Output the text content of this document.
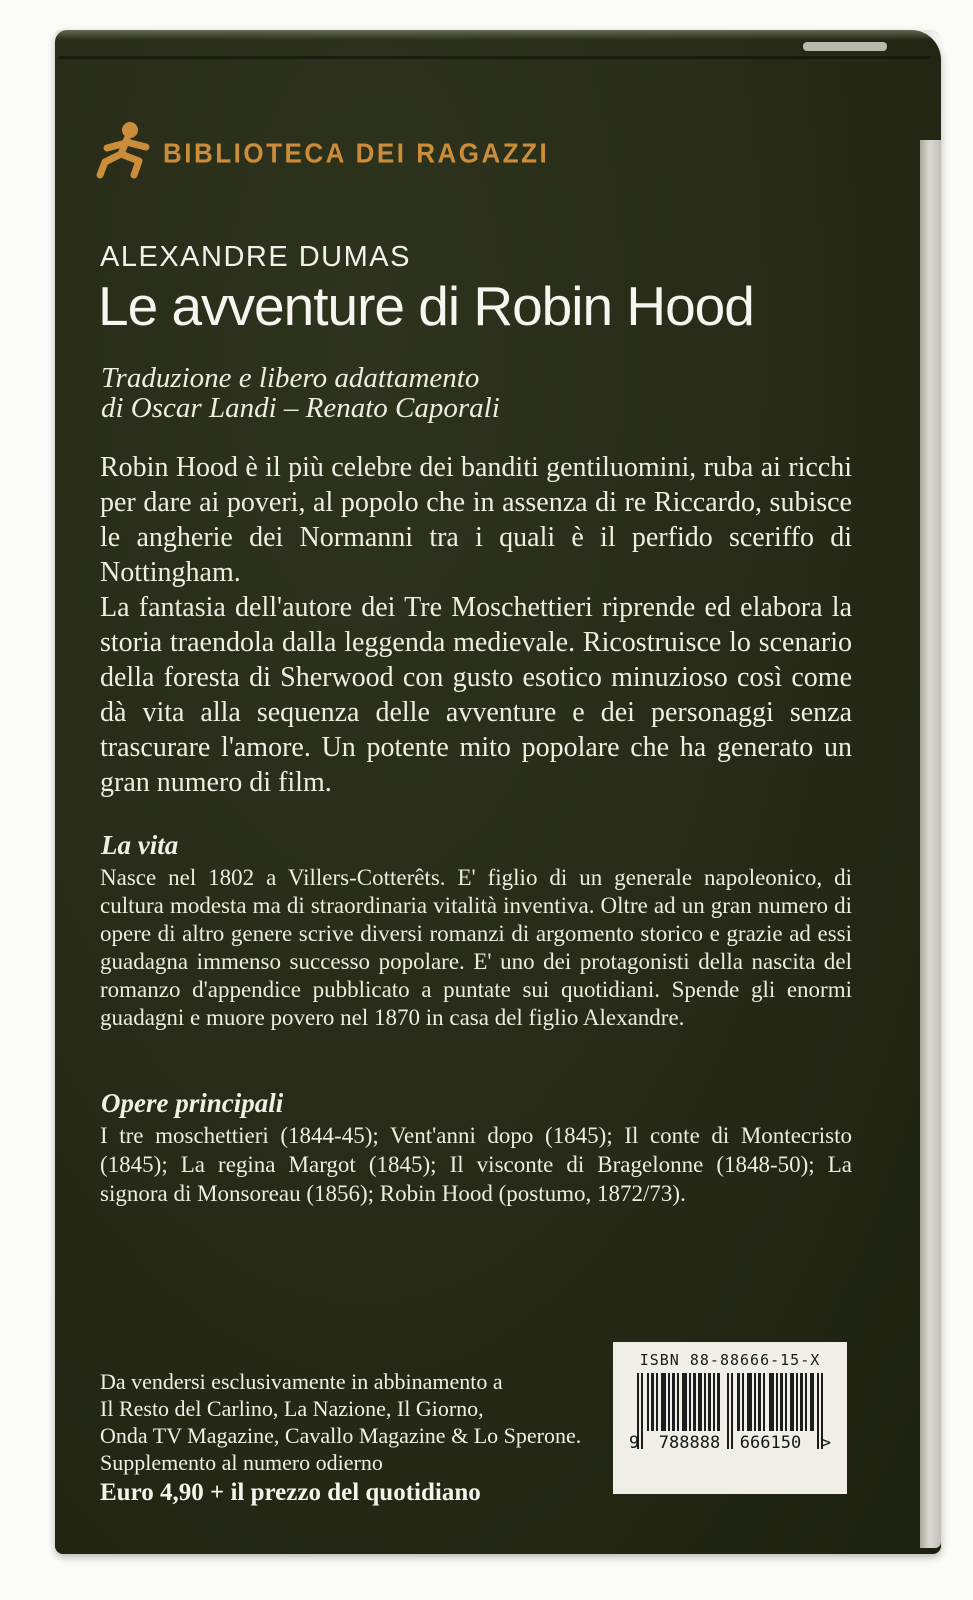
BIBLIOTECA DEI RAGAZZI
ALEXANDRE DUMAS
Le avventure di Robin Hood
Traduzione e libero adattamento
di Oscar Landi – Renato Caporali

Robin Hood è il più celebre dei banditi gentiluomini, ruba ai ricchi per dare ai poveri, al popolo che in assenza di re Riccardo, subisce le angherie dei Normanni tra i quali è il perfido sceriffo di Nottingham.

La fantasia dell'autore dei Tre Moschettieri riprende ed elabora la storia traendola dalla leggenda medievale. Ricostruisce lo scenario della foresta di Sherwood con gusto esotico minuzioso così come dà vita alla sequenza delle avventure e dei personaggi senza trascurare l'amore. Un potente mito popolare che ha generato un gran numero di film.

La vita
Nasce nel 1802 a Villers-Cotterêts. E' figlio di un generale napoleonico, di cultura modesta ma di straordinaria vitalità inventiva. Oltre ad un gran numero di opere di altro genere scrive diversi romanzi di argomento storico e grazie ad essi guadagna immenso successo popolare. E' uno dei protagonisti della nascita del romanzo d'appendice pubblicato a puntate sui quotidiani. Spende gli enormi guadagni e muore povero nel 1870 in casa del figlio Alexandre.
Opere principali
I tre moschettieri (1844-45); Vent'anni dopo (1845); Il conte di Montecristo (1845); La regina Margot (1845); Il visconte di Bragelonne (1848-50); La signora di Monsoreau (1856); Robin Hood (postumo, 1872/73).
Da vendersi esclusivamente in abbinamento a
Il Resto del Carlino, La Nazione, Il Giorno,
Onda TV Magazine, Cavallo Magazine & Lo Sperone.
Supplemento al numero odierno
Euro 4,90 + il prezzo del quotidiano
ISBN 88-88666-15-X
9 788888 666150 >
